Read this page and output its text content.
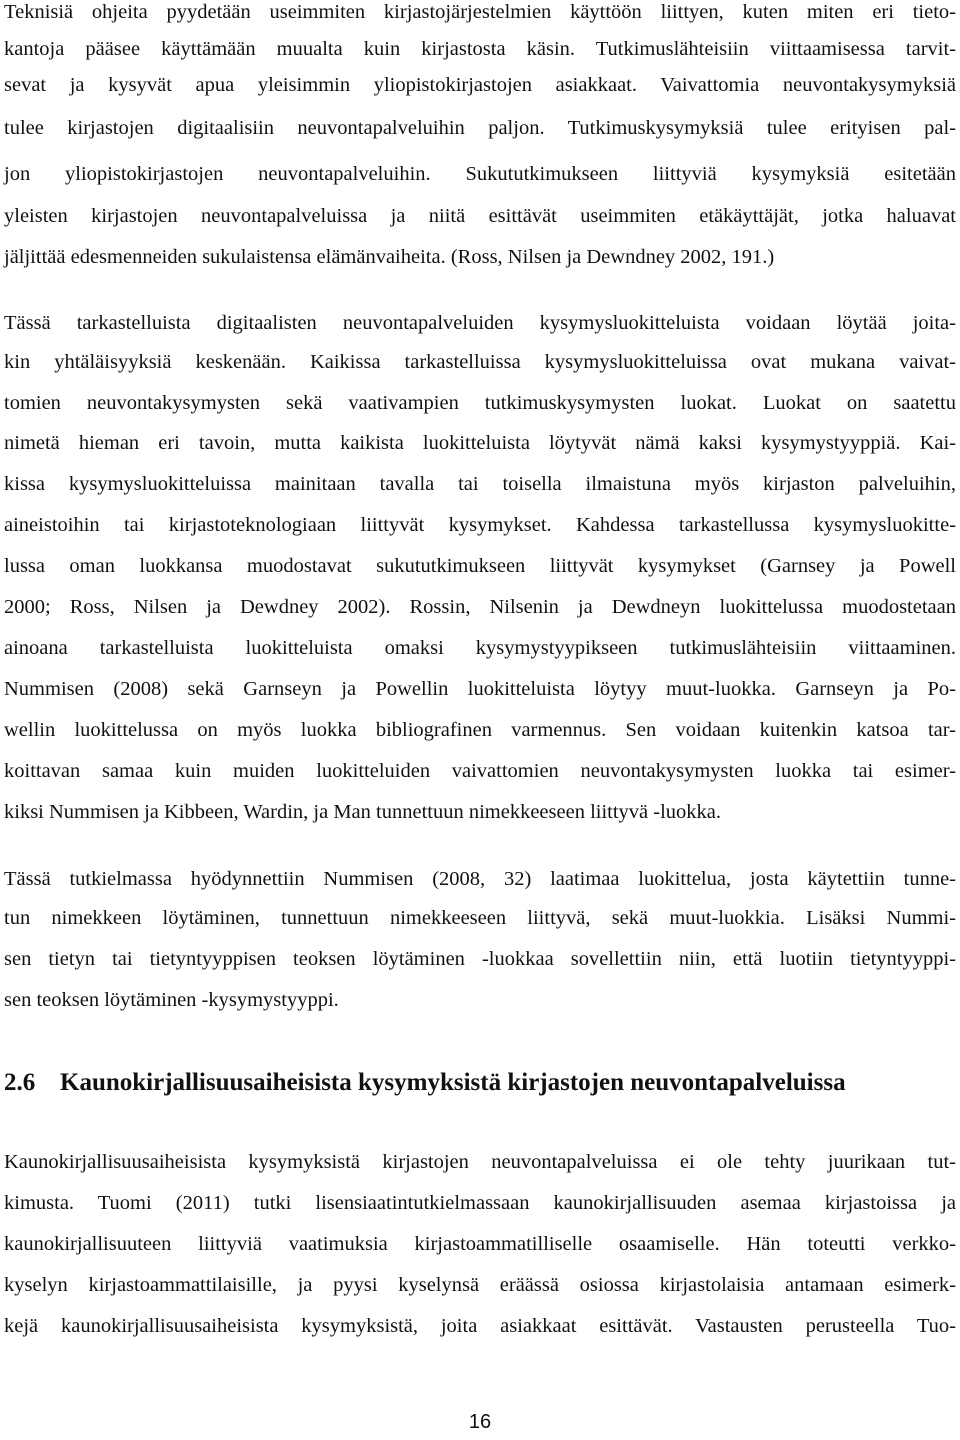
Teknisiä ohjeita pyydetään useimmiten kirjastojärjestelmien käyttöön liittyen, kuten miten eri tieto-
kantoja pääsee käyttämään muualta kuin kirjastosta käsin. Tutkimuslähteisiin viittaamisessa tarvit-
sevat ja kysyvät apua yleisimmin yliopistokirjastojen asiakkaat. Vaivattomia neuvontakysymyksiä
tulee kirjastojen digitaalisiin neuvontapalveluihin paljon. Tutkimuskysymyksiä tulee erityisen pal-
jon yliopistokirjastojen neuvontapalveluihin. Sukututkimukseen liittyviä kysymyksiä esitetään
yleisten kirjastojen neuvontapalveluissa ja niitä esittävät useimmiten etäkäyttäjät, jotka haluavat
jäljittää edesmenneiden sukulaistensa elämänvaiheita. (Ross, Nilsen ja Dewndney 2002, 191.)
Tässä tarkastelluista digitaalisten neuvontapalveluiden kysymysluokitteluista voidaan löytää joita-
kin yhtäläisyyksiä keskenään. Kaikissa tarkastelluissa kysymysluokitteluissa ovat mukana vaivat-
tomien neuvontakysymysten sekä vaativampien tutkimuskysymysten luokat. Luokat on saatettu
nimetä hieman eri tavoin, mutta kaikista luokitteluista löytyvät nämä kaksi kysymystyyppiä. Kai-
kissa kysymysluokitteluissa mainitaan tavalla tai toisella ilmaistuna myös kirjaston palveluihin,
aineistoihin tai kirjastoteknologiaan liittyvät kysymykset. Kahdessa tarkastellussa kysymysluokitte-
lussa oman luokkansa muodostavat sukututkimukseen liittyvät kysymykset (Garnsey ja Powell
2000; Ross, Nilsen ja Dewdney 2002). Rossin, Nilsenin ja Dewdneyn luokittelussa muodostetaan
ainoana tarkastelluista luokitteluista omaksi kysymystyypikseen tutkimuslähteisiin viittaaminen.
Nummisen (2008) sekä Garnseyn ja Powellin luokitteluista löytyy muut-luokka. Garnseyn ja Po-
wellin luokittelussa on myös luokka bibliografinen varmennus. Sen voidaan kuitenkin katsoa tar-
koittavan samaa kuin muiden luokitteluiden vaivattomien neuvontakysymysten luokka tai esimer-
kiksi Nummisen ja Kibbeen, Wardin, ja Man tunnettuun nimekkeeseen liittyvä -luokka.
Tässä tutkielmassa hyödynnettiin Nummisen (2008, 32) laatimaa luokittelua, josta käytettiin tunne-
tun nimekkeen löytäminen, tunnettuun nimekkeeseen liittyvä, sekä muut-luokkia. Lisäksi Nummi-
sen tietyn tai tietyntyyppisen teoksen löytäminen -luokkaa sovellettiin niin, että luotiin tietyntyyppi-
sen teoksen löytäminen -kysymystyyppi.
2.6 Kaunokirjallisuusaiheisista kysymyksistä kirjastojen neuvontapalveluissa
Kaunokirjallisuusaiheisista kysymyksistä kirjastojen neuvontapalveluissa ei ole tehty juurikaan tut-
kimusta. Tuomi (2011) tutki lisensiaatintutkielmassaan kaunokirjallisuuden asemaa kirjastoissa ja
kaunokirjallisuuteen liittyviä vaatimuksia kirjastoammatilliselle osaamiselle. Hän toteutti verkko-
kyselyn kirjastoammattilaisille, ja pyysi kyselynsä eräässä osiossa kirjastolaisia antamaan esimerk-
kejä kaunokirjallisuusaiheisista kysymyksistä, joita asiakkaat esittävät. Vastausten perusteella Tuo-
16
